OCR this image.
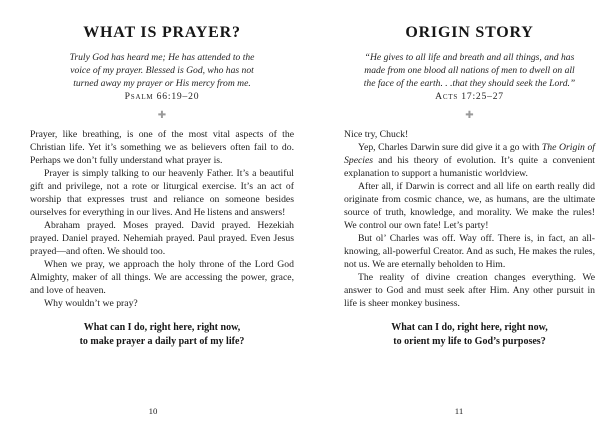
WHAT IS PRAYER?
Truly God has heard me; He has attended to the
voice of my prayer. Blessed is God, who has not
turned away my prayer or His mercy from me.
Psalm 66:19–20
✚

Prayer, like breathing, is one of the most vital aspects of the Christian life. Yet it’s something we as believers often fail to do. Perhaps we don’t fully understand what prayer is.

Prayer is simply talking to our heavenly Father. It’s a beautiful gift and privilege, not a rote or liturgical exercise. It’s an act of worship that expresses trust and reliance on someone besides ourselves for everything in our lives. And He listens and answers!

Abraham prayed. Moses prayed. David prayed. Hezekiah prayed. Daniel prayed. Nehemiah prayed. Paul prayed. Even Jesus prayed—and often. We should too.

When we pray, we approach the holy throne of the Lord God Almighty, maker of all things. We are accessing the power, grace, and love of heaven.

Why wouldn’t we pray?

What can I do, right here, right now,
to make prayer a daily part of my life?
10
ORIGIN STORY
“He gives to all life and breath and all things, and has
made from one blood all nations of men to dwell on all
the face of the earth. . .that they should seek the Lord.”
Acts 17:25–27
✚

Nice try, Chuck!

Yep, Charles Darwin sure did give it a go with The Origin of Species and his theory of evolution. It’s quite a convenient explanation to support a humanistic worldview.

After all, if Darwin is correct and all life on earth really did originate from cosmic chance, we, as humans, are the ultimate source of truth, knowledge, and morality. We make the rules! We control our own fate! Let’s party!

But ol’ Charles was off. Way off. There is, in fact, an all-knowing, all-powerful Creator. And as such, He makes the rules, not us. We are eternally beholden to Him.

The reality of divine creation changes everything. We answer to God and must seek after Him. Any other pursuit in life is sheer monkey business.

What can I do, right here, right now,
to orient my life to God’s purposes?
11
